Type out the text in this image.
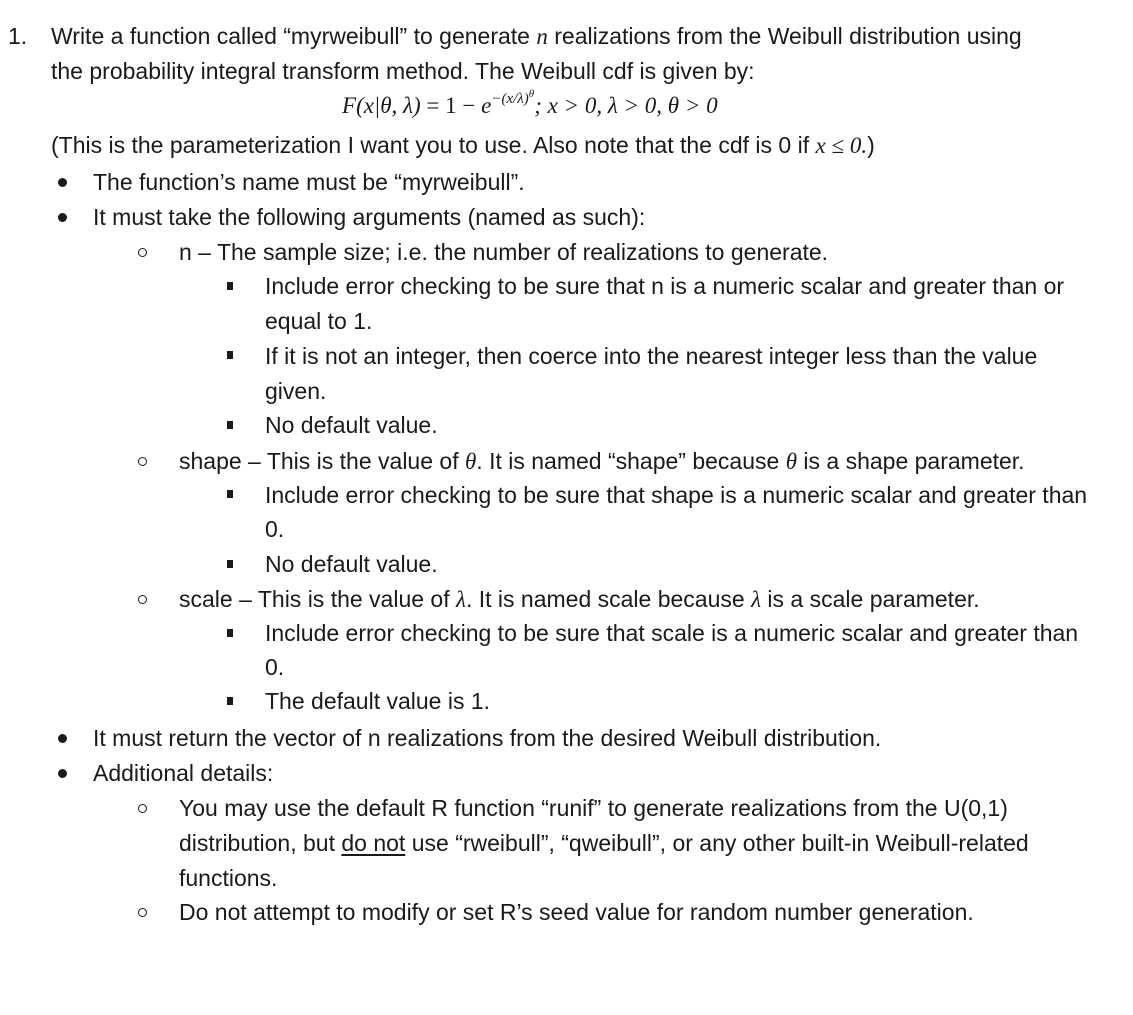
1. Write a function called “myrweibull” to generate n realizations from the Weibull distribution using
the probability integral transform method. The Weibull cdf is given by:
F(x|θ, $\lambda) = 1 - e^{-(x/\lambda)^\theta}$; x > 0, λ > 0, θ > 0
(This is the parameterization I want you to use. Also note that the cdf is 0 if x ≤ 0.)
The function’s name must be “myrweibull”.
It must take the following arguments (named as such):
n – The sample size; i.e. the number of realizations to generate.
Include error checking to be sure that n is a numeric scalar and greater than or
equal to 1.
If it is not an integer, then coerce into the nearest integer less than the value
given.
No default value.
shape – This is the value of θ. It is named “shape” because θ is a shape parameter.
Include error checking to be sure that shape is a numeric scalar and greater than
0.
No default value.
scale – This is the value of λ. It is named scale because λ is a scale parameter.
Include error checking to be sure that scale is a numeric scalar and greater than
0.
The default value is 1.
It must return the vector of n realizations from the desired Weibull distribution.
Additional details:
You may use the default R function “runif” to generate realizations from the U(0,1)
distribution, but do not use “rweibull”, “qweibull”, or any other built-in Weibull-related
functions.
Do not attempt to modify or set R’s seed value for random number generation.
